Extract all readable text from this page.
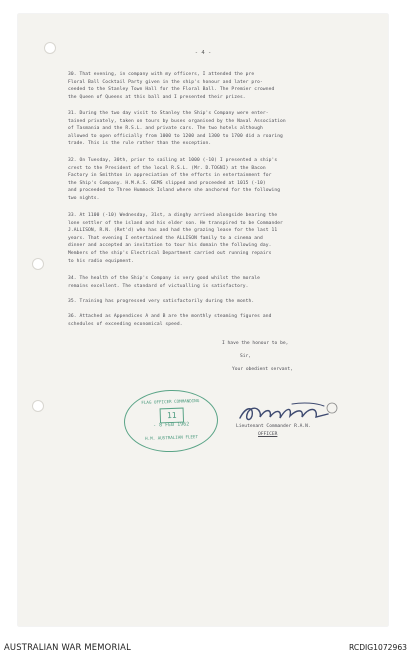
- 4 -

30. That evening, in company with my officers, I attended the pre
Floral Ball Cocktail Party given in the ship's honour and later pro-
ceeded to the Stanley Town Hall for the Floral Ball. The Premier crowned
the Queen of Queens at this ball and I presented their prizes.

31. During the two day visit to Stanley the Ship's Company were enter-
tained privately, taken on tours by buses organised by the Naval Association
of Tasmania and the R.S.L. and private cars. The two hotels although
allowed to open officially from 1000 to 1200 and 1300 to 1700 did a roaring
trade. This is the rule rather than the exception.

32. On Tuesday, 30th, prior to sailing at 1000 (-10) I presented a ship's
crest to the President of the local R.S.L. (Mr. D.TOGNI) at the Bacon
Factory in Smithton in appreciation of the efforts in entertainment for
the Ship's Company. H.M.A.S. GEMS slipped and proceeded at 1015 (-10)
and proceeded to Three Hummock Island where she anchored for the following
two nights.

33. At 1100 (-10) Wednesday, 31st, a dinghy arrived alongside bearing the
lone settler of the island and his elder son. He transpired to be Commander
J.ALLISON, R.N. (Ret'd) who has and had the grazing lease for the last 11
years. That evening I entertained the ALLISON family to a cinema and
dinner and accepted an invitation to tour his domain the following day.
Members of the ship's Electrical Department carried out running repairs
to his radio equipment.

34. The health of the Ship's Company is very good whilst the morale
remains excellent. The standard of victualling is satisfactory.

35. Training has progressed very satisfactorily during the month.

36. Attached as Appendices A and B are the monthly steaming figures and
schedules of exceeding economical speed.

I have the honour to be,
Sir,
Your obedient servant,
Lieutenant Commander R.A.N.
OFFICER
FLAG OFFICER COMMANDING
11
- 8 FEB 1962
H.M. AUSTRALIAN FLEET
AUSTRALIAN WAR MEMORIAL	RCDIG1072963
